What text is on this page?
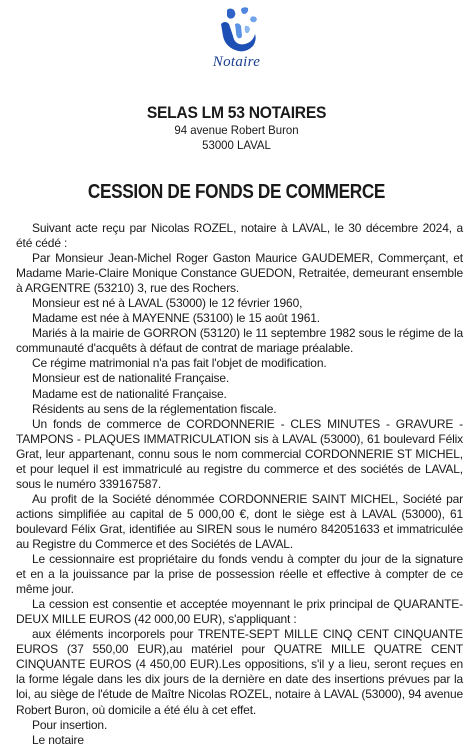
Notaire
SELAS LM 53 NOTAIRES
94 avenue Robert Buron
53000 LAVAL
CESSION DE FONDS DE COMMERCE

Suivant acte reçu par Nicolas ROZEL, notaire à LAVAL, le 30 décembre 2024, a été cédé :

Par Monsieur Jean-Michel Roger Gaston Maurice GAUDEMER, Commerçant, et Madame Marie-Claire Monique Constance GUEDON, Retraitée, demeurant ensemble à ARGENTRE (53210) 3, rue des Rochers.

Monsieur est né à LAVAL (53000) le 12 février 1960,

Madame est née à MAYENNE (53100) le 15 août 1961.

Mariés à la mairie de GORRON (53120) le 11 septembre 1982 sous le régime de la communauté d'acquêts à défaut de contrat de mariage préalable.

Ce régime matrimonial n'a pas fait l'objet de modification.

Monsieur est de nationalité Française.

Madame est de nationalité Française.

Résidents au sens de la réglementation fiscale.

Un fonds de commerce de CORDONNERIE - CLES MINUTES - GRAVURE - TAMPONS - PLAQUES IMMATRICULATION sis à LAVAL (53000), 61 boulevard Félix Grat, leur appartenant, connu sous le nom commercial CORDONNERIE ST MICHEL, et pour lequel il est immatriculé au registre du commerce et des sociétés de LAVAL, sous le numéro 339167587.

Au profit de la Société dénommée CORDONNERIE SAINT MICHEL, Société par actions simplifiée au capital de 5 000,00 €, dont le siège est à LAVAL (53000), 61 boulevard Félix Grat, identifiée au SIREN sous le numéro 842051633 et immatriculée au Registre du Commerce et des Sociétés de LAVAL.

Le cessionnaire est propriétaire du fonds vendu à compter du jour de la signature et en a la jouissance par la prise de possession réelle et effective à compter de ce même jour.

La cession est consentie et acceptée moyennant le prix principal de QUARANTE-DEUX MILLE EUROS (42 000,00 EUR), s'appliquant :

aux éléments incorporels pour TRENTE-SEPT MILLE CINQ CENT CINQUANTE EUROS (37 550,00 EUR),au matériel pour QUATRE MILLE QUATRE CENT CINQUANTE EUROS (4 450,00 EUR).Les oppositions, s'il y a lieu, seront reçues en la forme légale dans les dix jours de la dernière en date des insertions prévues par la loi, au siège de l'étude de Maître Nicolas ROZEL, notaire à LAVAL (53000), 94 avenue Robert Buron, où domicile a été élu à cet effet.

Pour insertion.

Le notaire
